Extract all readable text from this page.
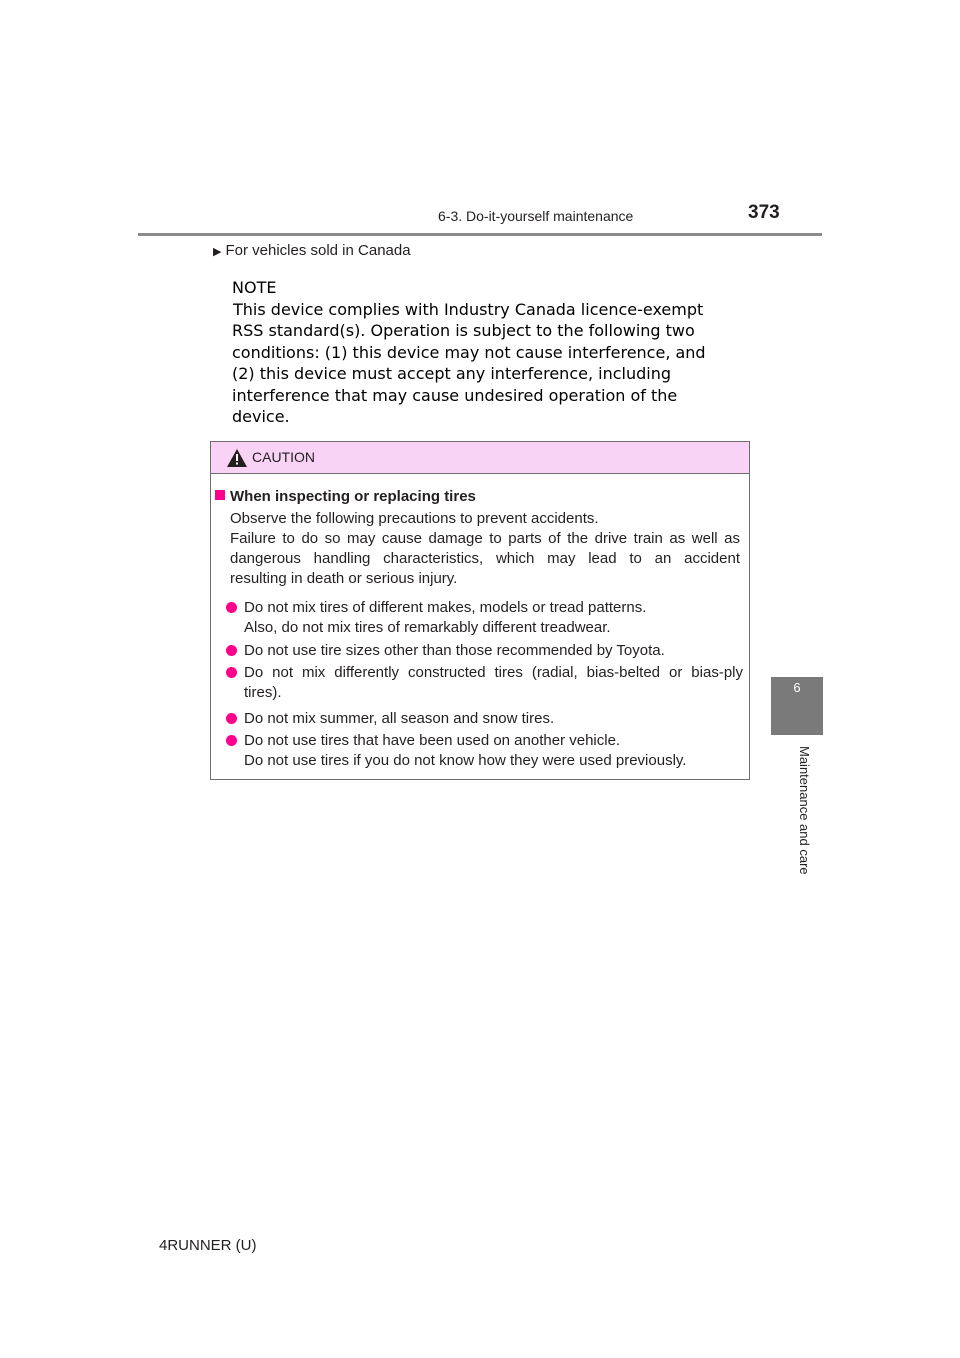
6-3. Do-it-yourself maintenance	373
6
Maintenance and care
▶ For vehicles sold in Canada
NOTE
This device complies with Industry Canada licence-exempt
RSS standard(s). Operation is subject to the following two
conditions: (1) this device may not cause interference, and
(2) this device must accept any interference, including
interference that may cause undesired operation of the
device.
CAUTION
When inspecting or replacing tires
Observe the following precautions to prevent accidents.
Failure to do so may cause damage to parts of the drive train as well as
dangerous handling characteristics, which may lead to an accident
resulting in death or serious injury.
Do not mix tires of different makes, models or tread patterns.
Also, do not mix tires of remarkably different treadwear.
Do not use tire sizes other than those recommended by Toyota.
Do not mix differently constructed tires (radial, bias-belted or bias-ply
tires).
Do not mix summer, all season and snow tires.
Do not use tires that have been used on another vehicle.
Do not use tires if you do not know how they were used previously.
4RUNNER (U)
